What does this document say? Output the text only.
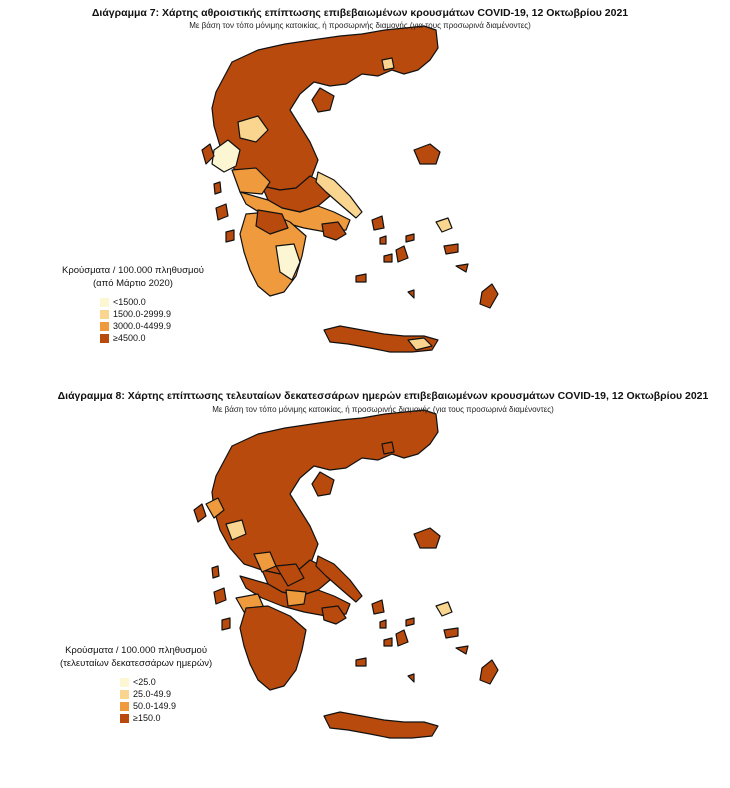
Διάγραμμα 7: Χάρτης αθροιστικής επίπτωσης επιβεβαιωμένων κρουσμάτων COVID-19, 12 Οκτωβρίου 2021
Με βάση τον τόπο μόνιμης κατοικίας, ή προσωρινής διαμονής (για τους προσωρινά διαμένοντες)
Κρούσματα / 100.000 πληθυσμού
(από Μάρτιο 2020)
<1500.0
1500.0-2999.9
3000.0-4499.9
≥4500.0
Διάγραμμα 8: Χάρτης επίπτωσης τελευταίων δεκατεσσάρων ημερών επιβεβαιωμένων κρουσμάτων COVID-19, 12 Οκτωβρίου 2021
Με βάση τον τόπο μόνιμης κατοικίας, ή προσωρινής διαμονής (για τους προσωρινά διαμένοντες)
Κρούσματα / 100.000 πληθυσμού
(τελευταίων δεκατεσσάρων ημερών)
<25.0
25.0-49.9
50.0-149.9
≥150.0
